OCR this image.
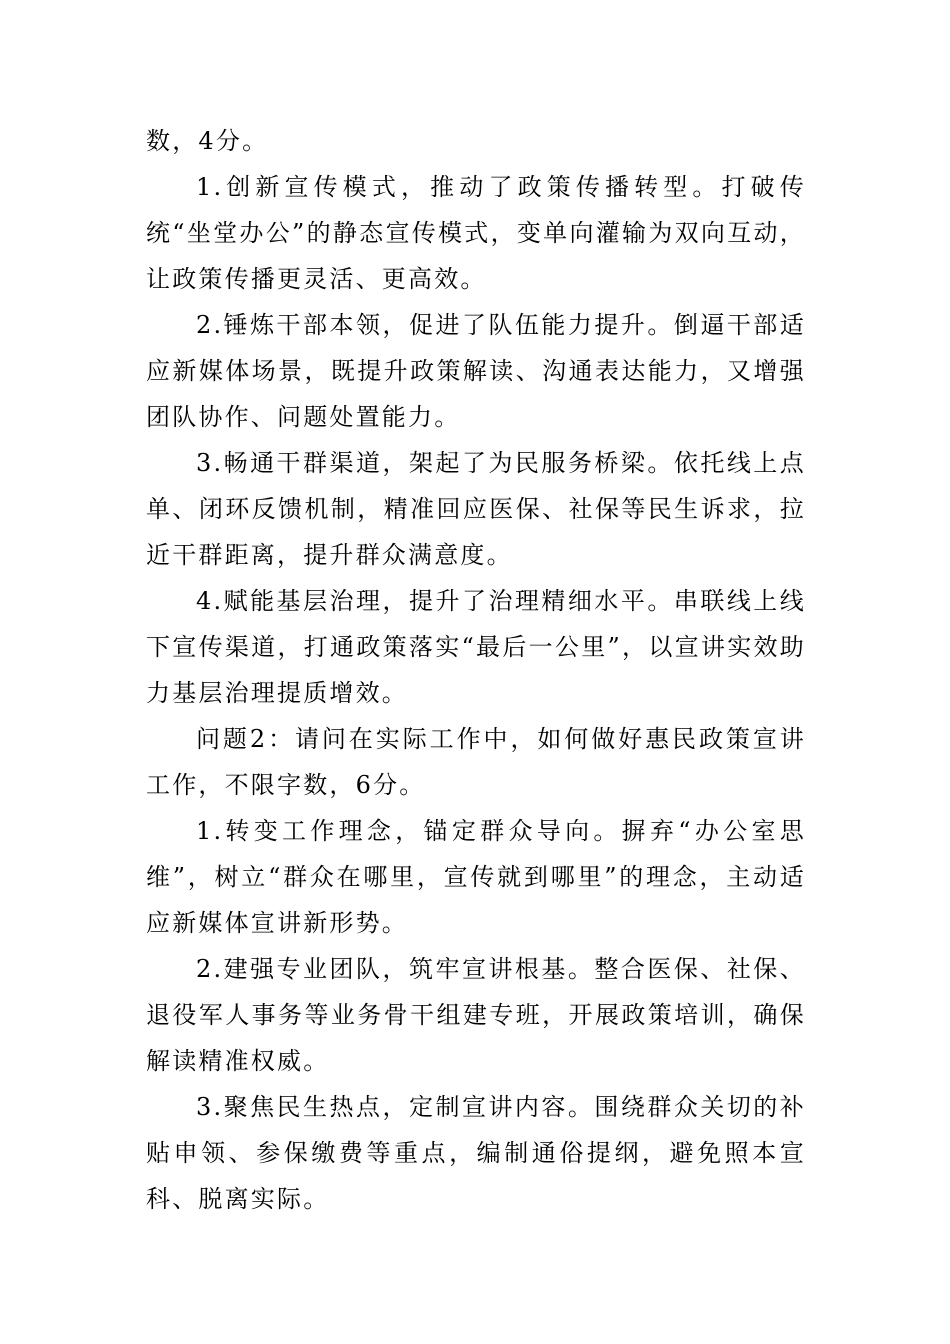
数，4分。

1.创新宣传模式，推动了政策传播转型。打破传统“坐堂办公”的静态宣传模式，变单向灌输为双向互动，让政策传播更灵活、更高效。

2.锤炼干部本领，促进了队伍能力提升。倒逼干部适应新媒体场景，既提升政策解读、沟通表达能力，又增强团队协作、问题处置能力。

3.畅通干群渠道，架起了为民服务桥梁。依托线上点单、闭环反馈机制，精准回应医保、社保等民生诉求，拉近干群距离，提升群众满意度。

4.赋能基层治理，提升了治理精细水平。串联线上线下宣传渠道，打通政策落实“最后一公里”，以宣讲实效助力基层治理提质增效。

问题2：请问在实际工作中，如何做好惠民政策宣讲工作，不限字数，6分。

1.转变工作理念，锚定群众导向。摒弃“办公室思维”，树立“群众在哪里，宣传就到哪里”的理念，主动适应新媒体宣讲新形势。

2.建强专业团队，筑牢宣讲根基。整合医保、社保、退役军人事务等业务骨干组建专班，开展政策培训，确保解读精准权威。

3.聚焦民生热点，定制宣讲内容。围绕群众关切的补贴申领、参保缴费等重点，编制通俗提纲，避免照本宣科、脱离实际。
